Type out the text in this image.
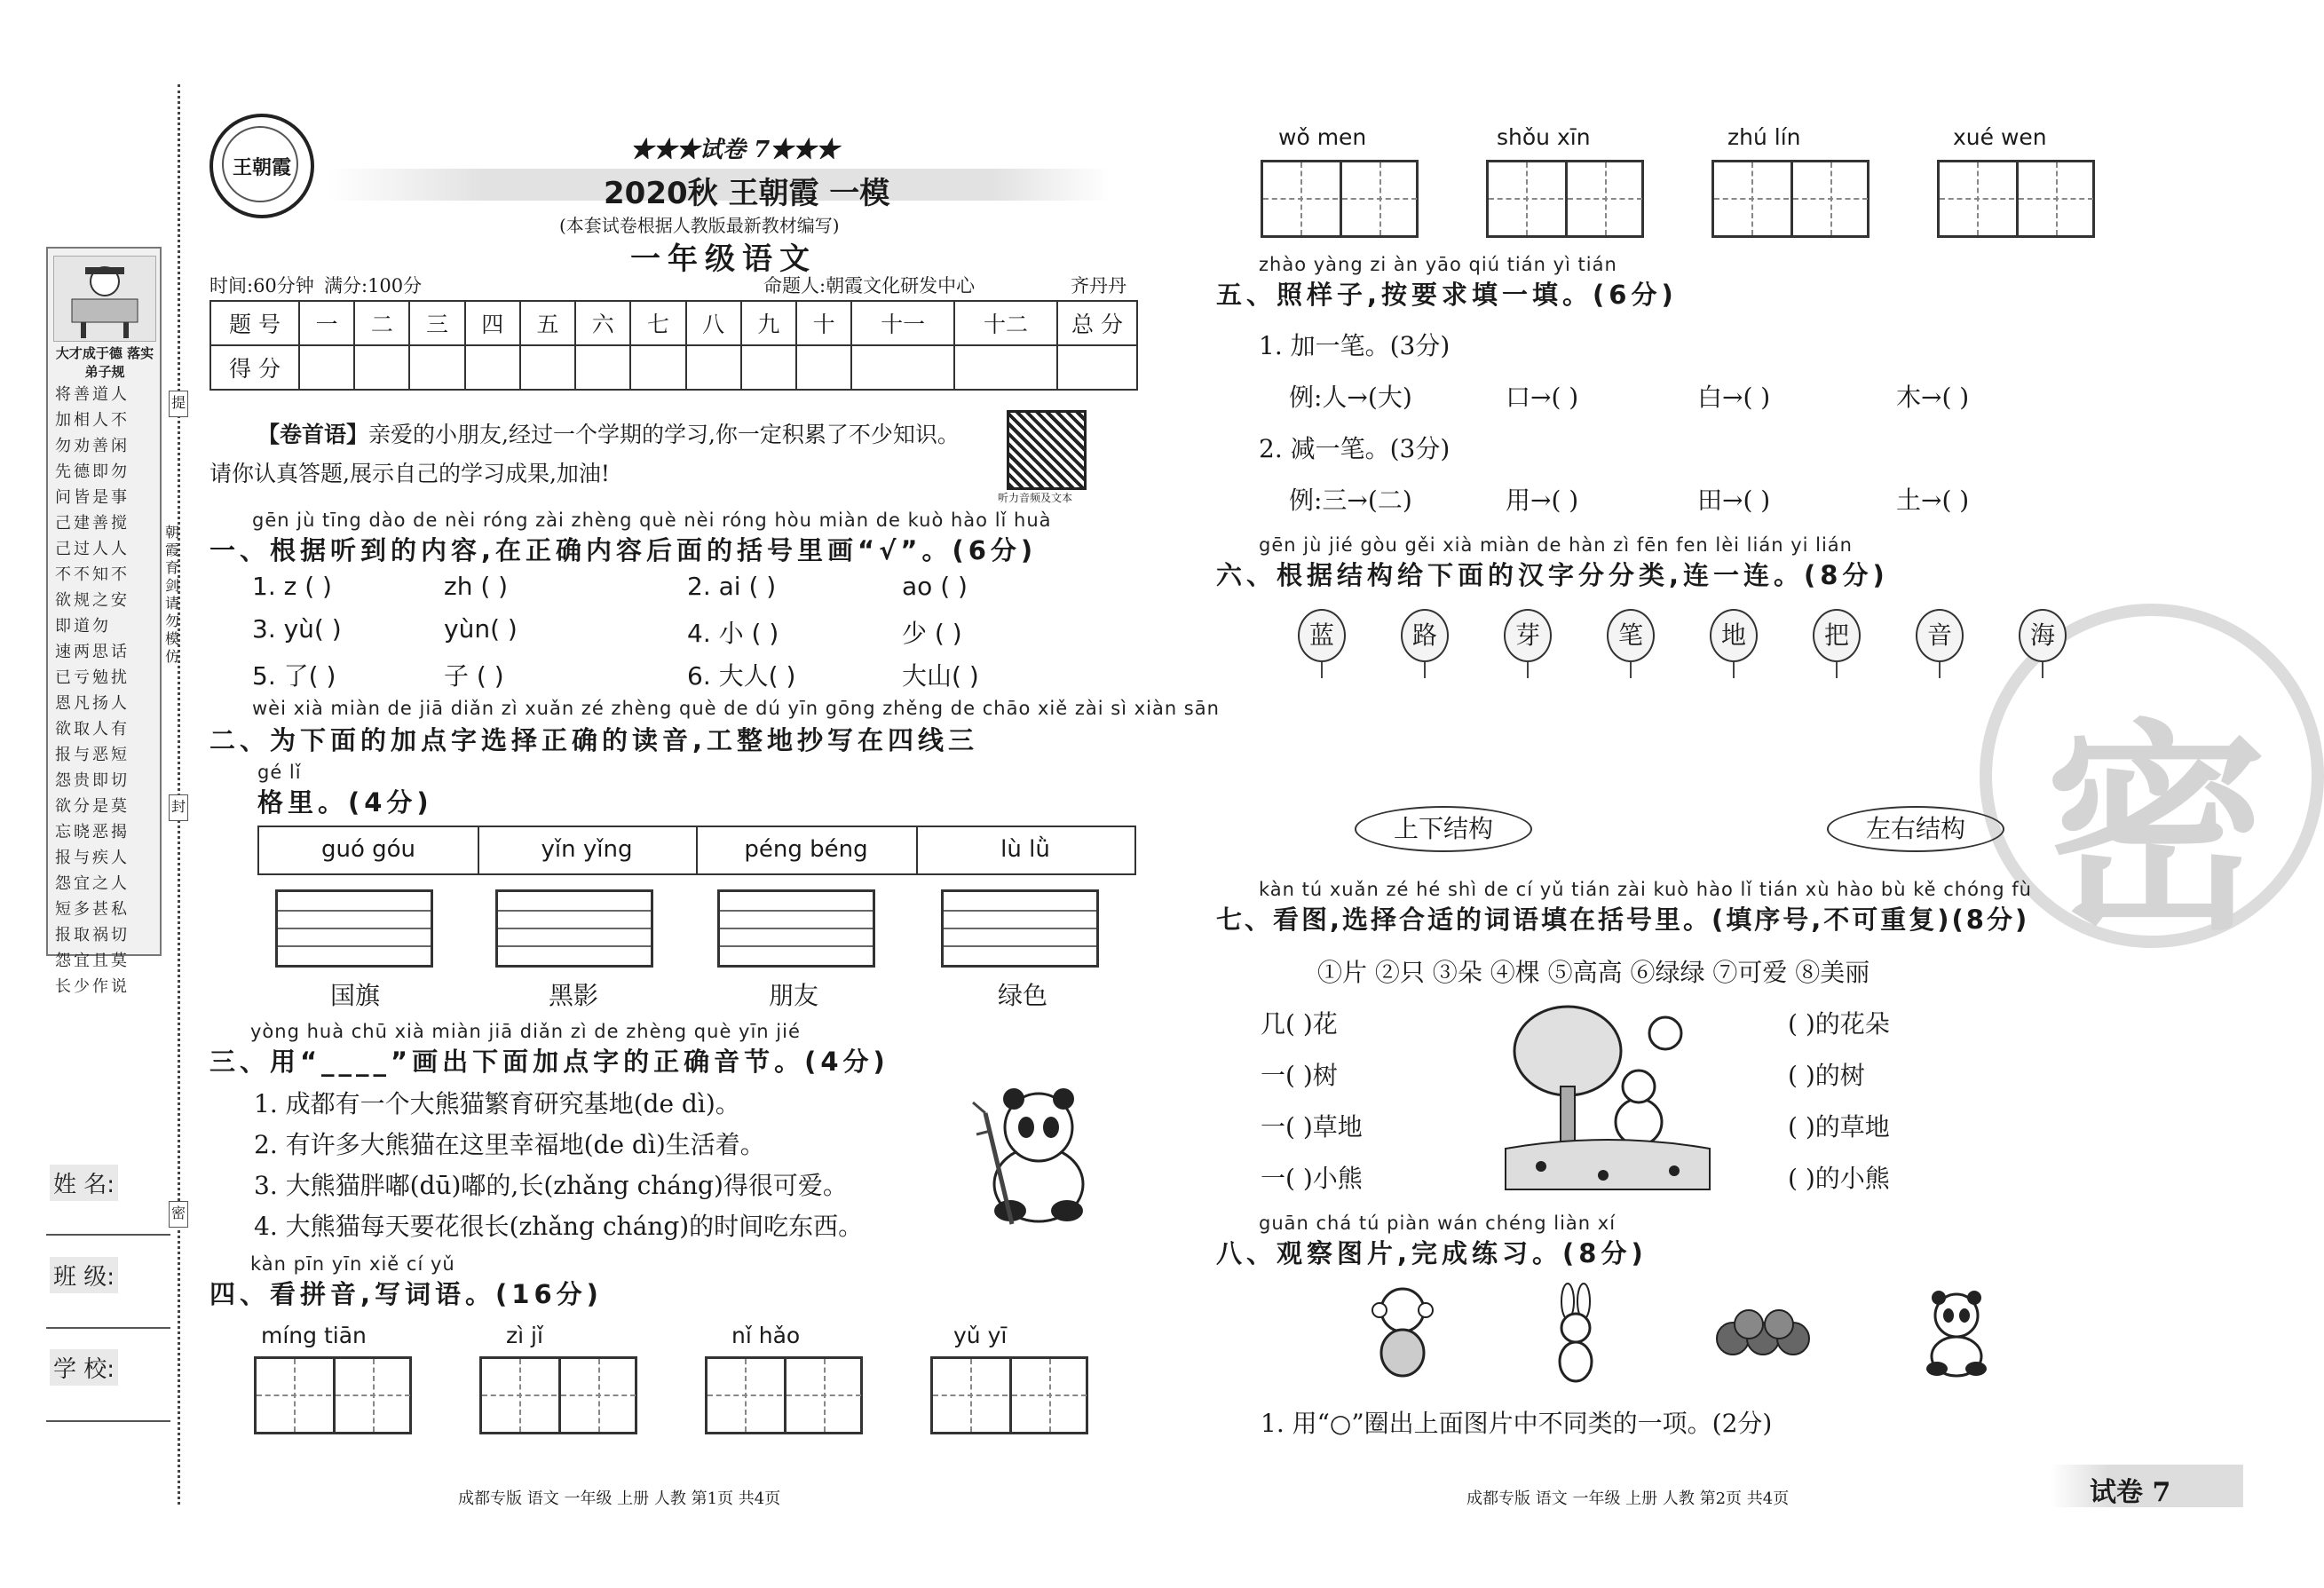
大才成于德 落实弟子规
将善道人
加相人不
勿劝善闲
先德即勿
问皆是事
己建善搅
己过人人
不不知不
欲规之安
即道勿
速两思话
已亏勉扰
恩凡扬人
欲取人有
报与恶短
怨贵即切
欲分是莫
忘晓恶揭
报与疾人
怨宜之人
短多甚私
报取祸切
怨宜且莫
长少作说
朝霞育剑 请勿模仿
提
封
密
姓 名:
班 级:
学 校:
王朝霞
★★★试卷 7★★★
2020秋 王朝霞 一模
(本套试卷根据人教版最新教材编写)
一年级语文
时间:60分钟 满分:100分	命题人:朝霞文化研发中心	齐丹丹
题 号	一	二	三	四	五	六	七	八	九	十	十一	十二	总 分
得 分													
【卷首语】亲爱的小朋友,经过一个学期的学习,你一定积累了不少知识。
请你认真答题,展示自己的学习成果,加油!
听力音频及文本
gēn jù tīng dào de nèi róng zài zhèng què nèi róng hòu miàn de kuò hào lǐ huà
一、根据听到的内容,在正确内容后面的括号里画“√”。(6分)
1. z ( )	zh ( )	2. ai ( )	ao ( )
3. yù( )	yùn( )	4. 小 ( )	少 ( )
5. 了( )	子 ( )	6. 大人( )	大山( )
wèi xià miàn de jiā diǎn zì xuǎn zé zhèng què de dú yīn gōng zhěng de chāo xiě zài sì xiàn sān
二、为下面的加点字选择正确的读音,工整地抄写在四线三
gé lǐ
格里。(4分)
guó góu	yǐn yǐng	péng béng	lù lǜ
国旗	黑影	朋友	绿色
yòng huà chū xià miàn jiā diǎn zì de zhèng què yīn jié
三、用“____”画出下面加点字的正确音节。(4分)
1. 成都有一个大熊猫繁育研究基地(de dì)。
2. 有许多大熊猫在这里幸福地(de dì)生活着。
3. 大熊猫胖嘟(dū)嘟的,长(zhǎng cháng)得很可爱。
4. 大熊猫每天要花很长(zhǎng cháng)的时间吃东西。
kàn pīn yīn xiě cí yǔ
四、看拼音,写词语。(16分)
míng tiān	zì jǐ	nǐ hǎo	yǔ yī
成都专版 语文 一年级 上册 人教 第1页 共4页
wǒ men	shǒu xīn	zhú lín	xué wen
密
zhào yàng zi àn yāo qiú tián yì tián
五、照样子,按要求填一填。(6分)
1. 加一笔。(3分)
例:人→(大)	口→( )	白→( )	木→( )
2. 减一笔。(3分)
例:三→(二)	用→( )	田→( )	土→( )
gēn jù jié gòu gěi xià miàn de hàn zì fēn fen lèi lián yi lián
六、根据结构给下面的汉字分分类,连一连。(8分)
蓝	路	芽	笔	地	把	音	海
上下结构	左右结构
kàn tú xuǎn zé hé shì de cí yǔ tián zài kuò hào lǐ tián xù hào bù kě chóng fù
七、看图,选择合适的词语填在括号里。(填序号,不可重复)(8分)
①片 ②只 ③朵 ④棵 ⑤高高 ⑥绿绿 ⑦可爱 ⑧美丽
几( )花
一( )树
一( )草地
一( )小熊
( )的花朵
( )的树
( )的草地
( )的小熊
guān chá tú piàn wán chéng liàn xí
八、观察图片,完成练习。(8分)
1. 用“○”圈出上面图片中不同类的一项。(2分)
成都专版 语文 一年级 上册 人教 第2页 共4页	试卷 7
